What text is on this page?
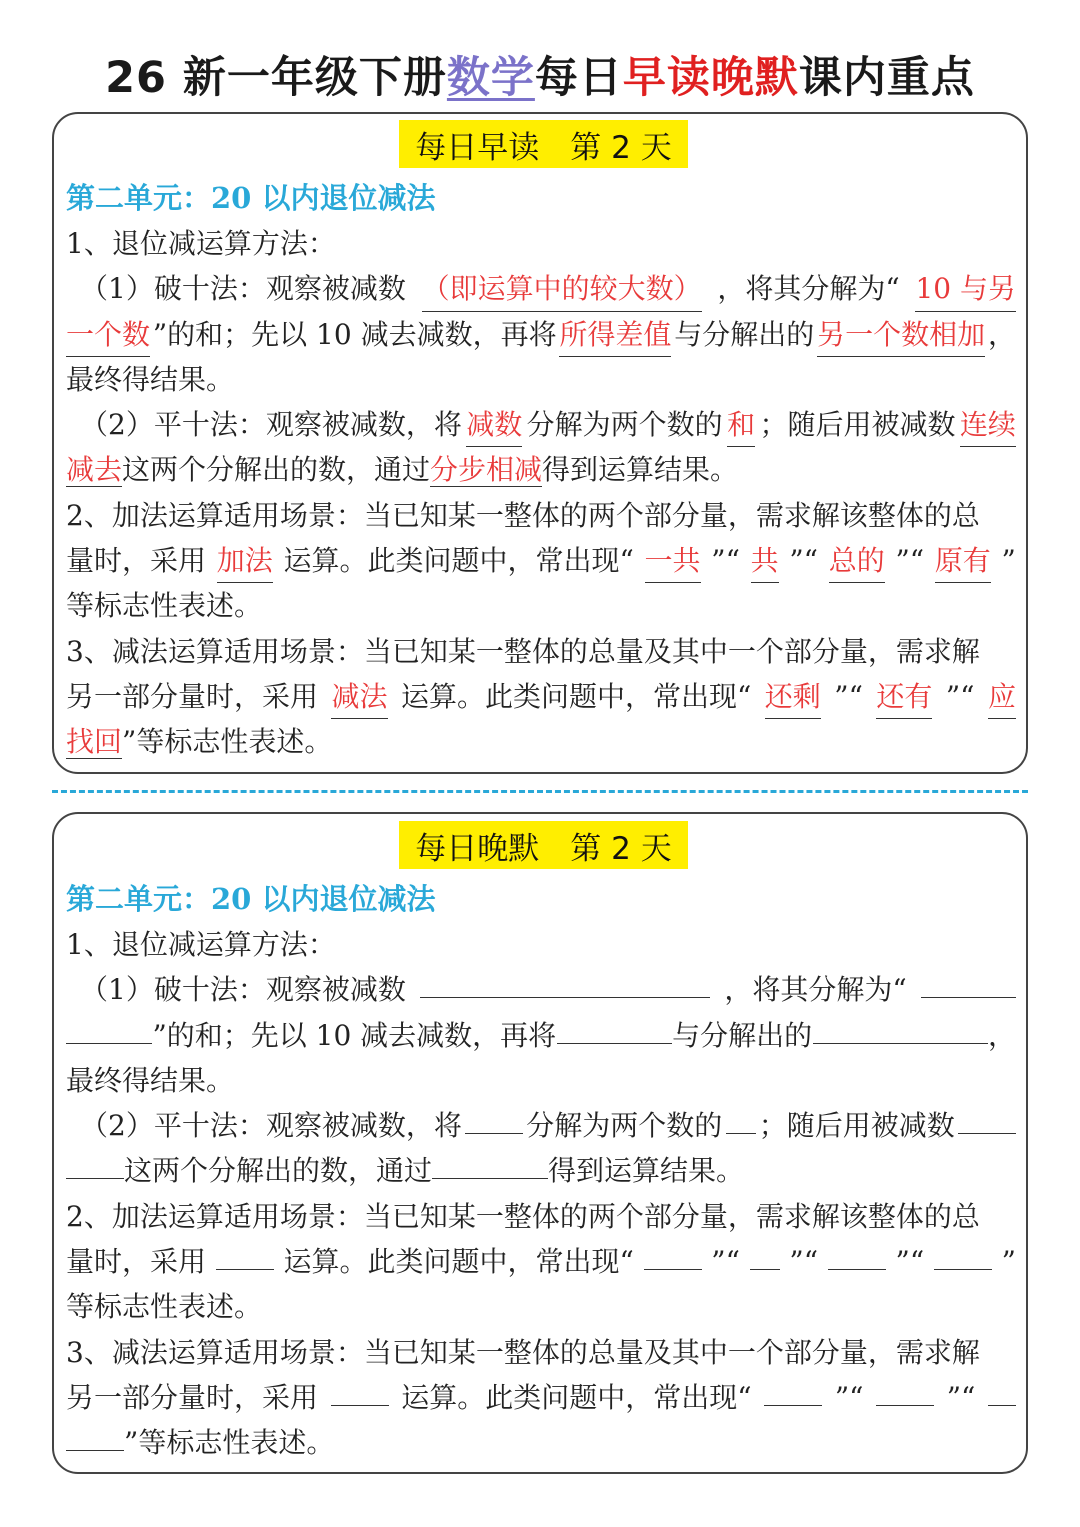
26 新一年级下册数学每日早读晚默课内重点
每日早读　第 2 天
第二单元：20 以内退位减法
1、退位减运算方法：
（1）破十法：观察被减数 （即运算中的较大数） ，将其分解为“ 10 与另
一个数 ”的和；先以 10 减去减数，再将 所得差值 与分解出的 另一个数相加 ，
最终得结果。
（2）平十法：观察被减数，将 减数 分解为两个数的 和 ；随后用被减数 连续
减去这两个分解出的数，通过分步相减得到运算结果。
2、加法运算适用场景：当已知某一整体的两个部分量，需求解该整体的总
量时，采用 加法 运算。此类问题中，常出现“ 一共 ”“ 共 ”“ 总的 ”“ 原有 ”
等标志性表述。
3、减法运算适用场景：当已知某一整体的总量及其中一个部分量，需求解
另一部分量时，采用 减法 运算。此类问题中，常出现“ 还剩 ”“ 还有 ”“ 应
找回”等标志性表述。
每日晚默　第 2 天
第二单元：20 以内退位减法
1、退位减运算方法：
（1）破十法：观察被减数	，将其分解为“
”的和；先以 10 减去减数，再将	与分解出的	，
最终得结果。
（2）平十法：观察被减数，将 分解为两个数的 ；随后用被减数
这两个分解出的数，通过	得到运算结果。
2、加法运算适用场景：当已知某一整体的两个部分量，需求解该整体的总
量时，采用	运算。此类问题中，常出现“	”“ ”“	”“	”
等标志性表述。
3、减法运算适用场景：当已知某一整体的总量及其中一个部分量，需求解
另一部分量时，采用	运算。此类问题中，常出现“	”“	”“
”等标志性表述。
